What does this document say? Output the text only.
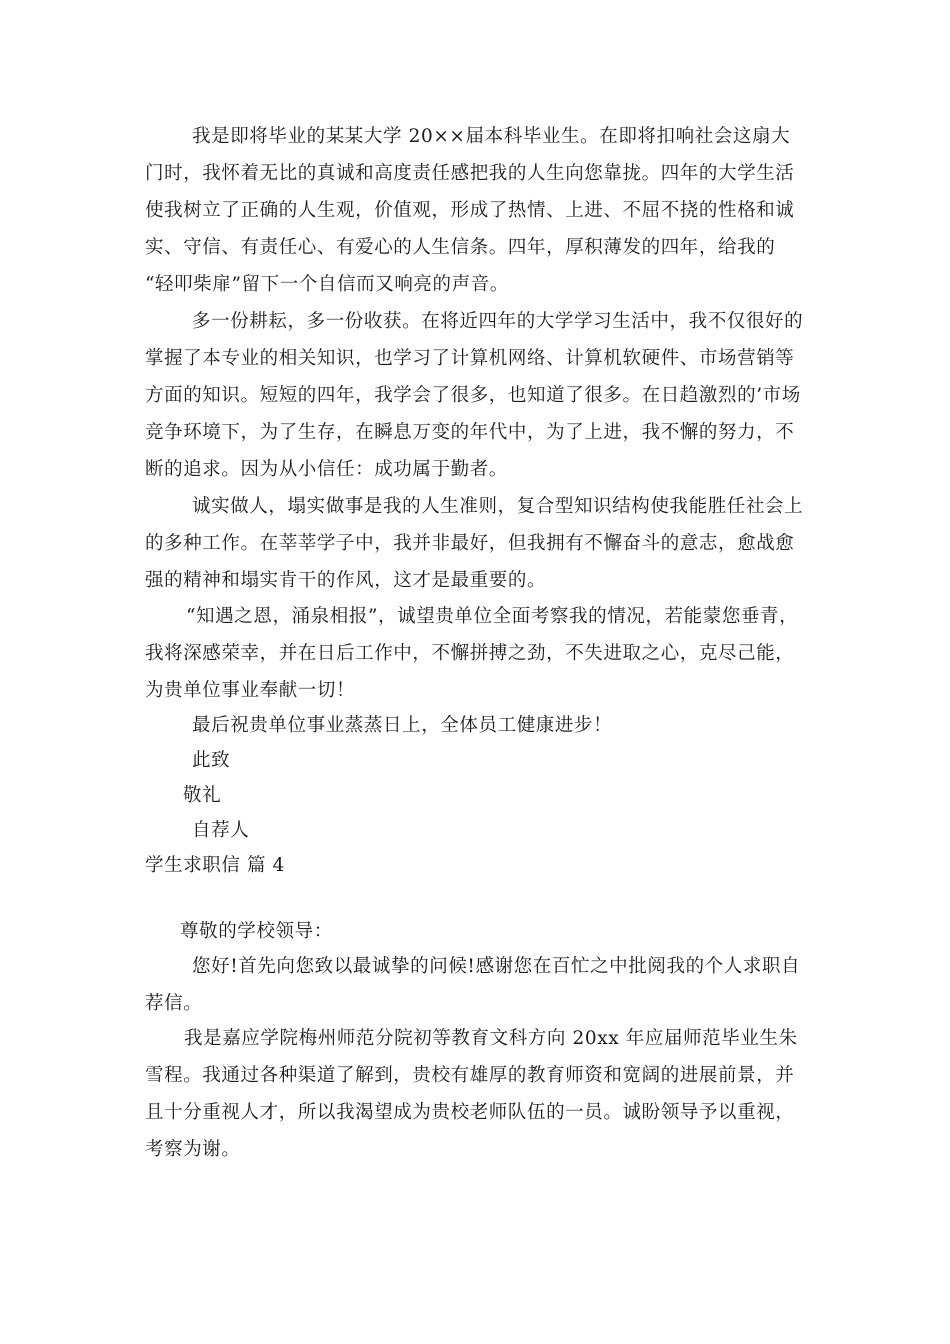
我是即将毕业的某某大学 20××届本科毕业生。在即将扣响社会这扇大
门时，我怀着无比的真诚和高度责任感把我的人生向您靠拢。四年的大学生活
使我树立了正确的人生观，价值观，形成了热情、上进、不屈不挠的性格和诚
实、守信、有责任心、有爱心的人生信条。四年，厚积薄发的四年，给我的
“轻叩柴扉”留下一个自信而又响亮的声音。
多一份耕耘，多一份收获。在将近四年的大学学习生活中，我不仅很好的
掌握了本专业的相关知识，也学习了计算机网络、计算机软硬件、市场营销等
方面的知识。短短的四年，我学会了很多，也知道了很多。在日趋激烈的’市场
竞争环境下，为了生存，在瞬息万变的年代中，为了上进，我不懈的努力，不
断的追求。因为从小信任：成功属于勤者。
诚实做人，塌实做事是我的人生准则，复合型知识结构使我能胜任社会上
的多种工作。在莘莘学子中，我并非最好，但我拥有不懈奋斗的意志，愈战愈
强的精神和塌实肯干的作风，这才是最重要的。
“知遇之恩，涌泉相报”，诚望贵单位全面考察我的情况，若能蒙您垂青，
我将深感荣幸，并在日后工作中，不懈拼搏之劲，不失进取之心，克尽己能，
为贵单位事业奉献一切！
最后祝贵单位事业蒸蒸日上，全体员工健康进步！
此致
敬礼
自荐人
学生求职信 篇 4
尊敬的学校领导：
您好!首先向您致以最诚挚的问候!感谢您在百忙之中批阅我的个人求职自
荐信。
我是嘉应学院梅州师范分院初等教育文科方向 20xx 年应届师范毕业生朱
雪程。我通过各种渠道了解到，贵校有雄厚的教育师资和宽阔的进展前景，并
且十分重视人才，所以我渴望成为贵校老师队伍的一员。诚盼领导予以重视，
考察为谢。
